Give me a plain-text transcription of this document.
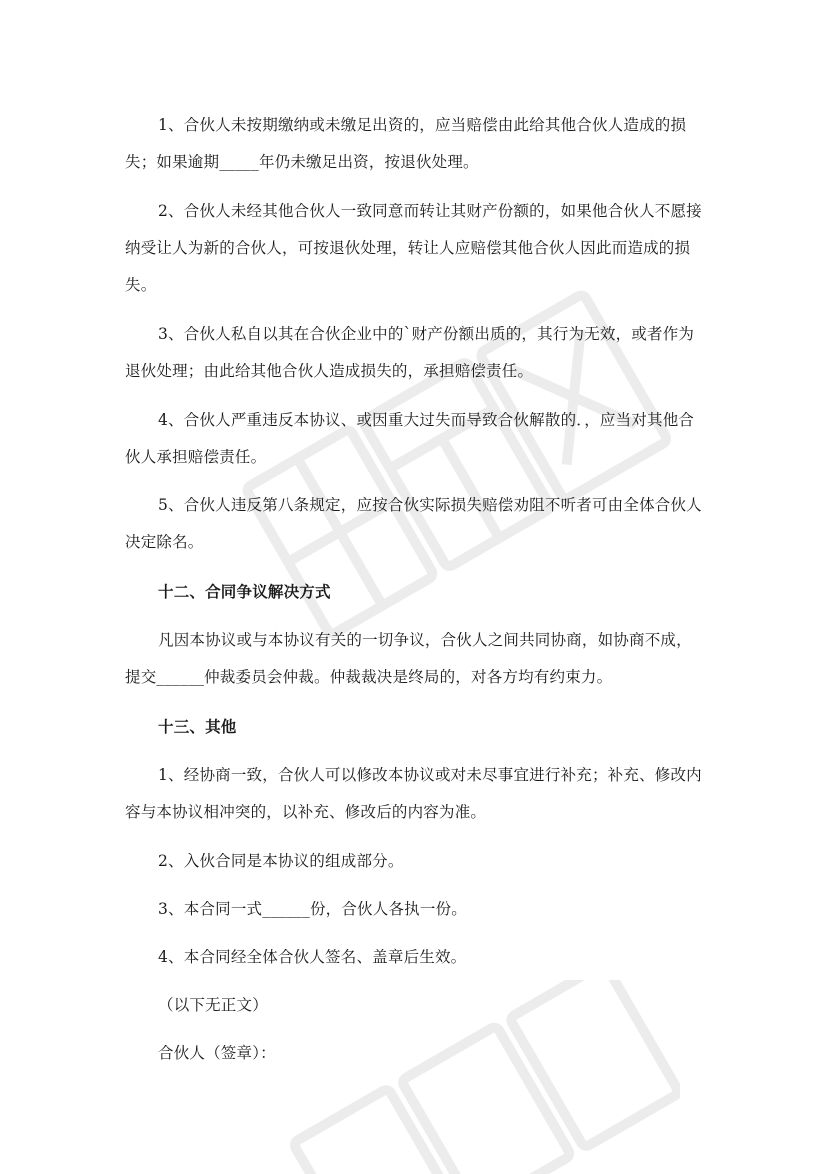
1、合伙人未按期缴纳或未缴足出资的，应当赔偿由此给其他合伙人造成的损失；如果逾期_____年仍未缴足出资，按退伙处理。

2、合伙人未经其他合伙人一致同意而转让其财产份额的，如果他合伙人不愿接纳受让人为新的合伙人，可按退伙处理，转让人应赔偿其他合伙人因此而造成的损失。

3、合伙人私自以其在合伙企业中的`财产份额出质的，其行为无效，或者作为退伙处理；由此给其他合伙人造成损失的，承担赔偿责任。

4、合伙人严重违反本协议、或因重大过失而导致合伙解散的．，应当对其他合伙人承担赔偿责任。

5、合伙人违反第八条规定，应按合伙实际损失赔偿劝阻不听者可由全体合伙人决定除名。

十二、合同争议解决方式

凡因本协议或与本协议有关的一切争议，合伙人之间共同协商，如协商不成，提交______仲裁委员会仲裁。仲裁裁决是终局的，对各方均有约束力。

十三、其他

1、经协商一致，合伙人可以修改本协议或对未尽事宜进行补充；补充、修改内容与本协议相冲突的，以补充、修改后的内容为准。

2、入伙合同是本协议的组成部分。

3、本合同一式______份，合伙人各执一份。

4、本合同经全体合伙人签名、盖章后生效。

（以下无正文）

合伙人（签章）：
